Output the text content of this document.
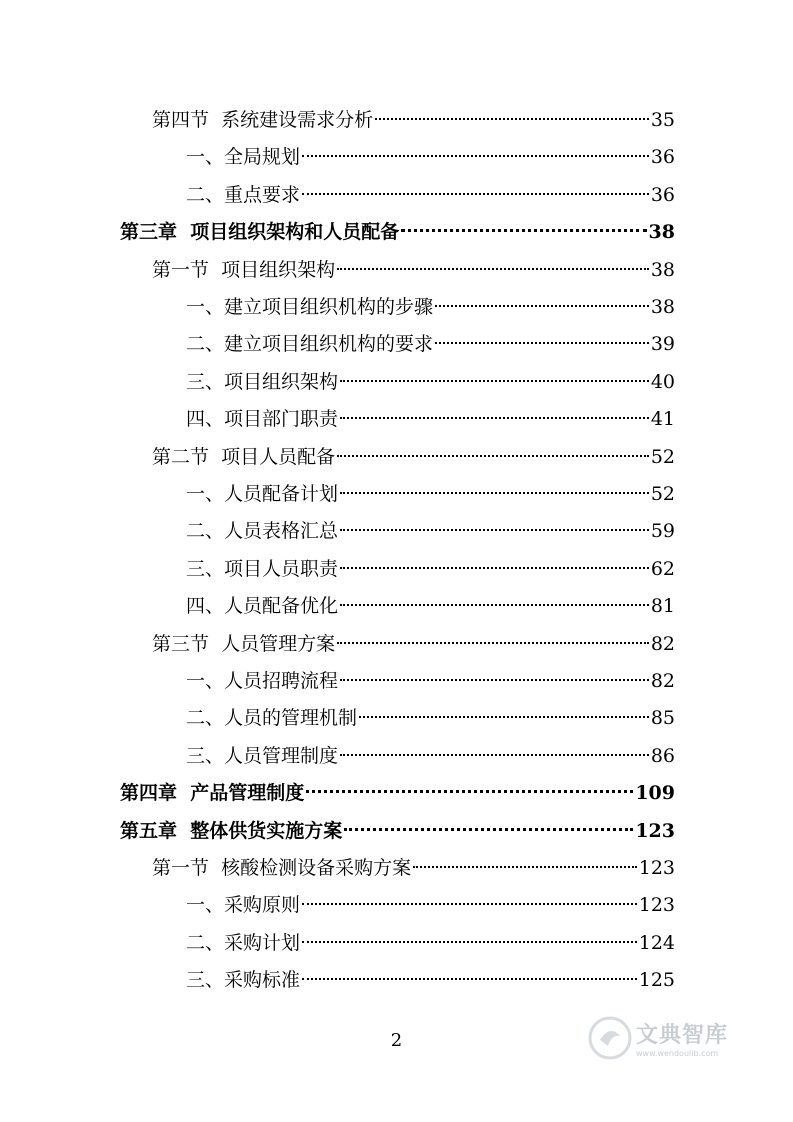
第四节  系统建设需求分析	35
一、全局规划	36
二、重点要求	36
第三章  项目组织架构和人员配备	38
第一节  项目组织架构	38
一、建立项目组织机构的步骤	38
二、建立项目组织机构的要求	39
三、项目组织架构	40
四、项目部门职责	41
第二节  项目人员配备	52
一、人员配备计划	52
二、人员表格汇总	59
三、项目人员职责	62
四、人员配备优化	81
第三节  人员管理方案	82
一、人员招聘流程	82
二、人员的管理机制	85
三、人员管理制度	86
第四章  产品管理制度	109
第五章  整体供货实施方案	123
第一节  核酸检测设备采购方案	123
一、采购原则	123
二、采购计划	124
三、采购标准	125
2	文典智库
www.wendoulib.com
